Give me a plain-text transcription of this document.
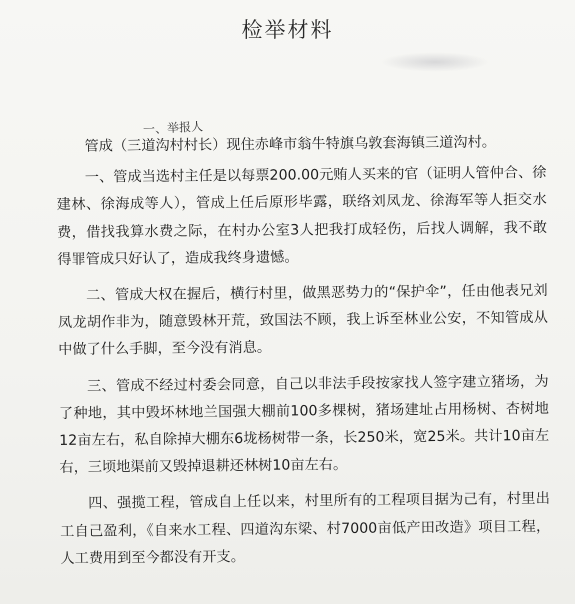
检举材料
一、举报人

管成（三道沟村村长）现住赤峰市翁牛特旗乌敦套海镇三道沟村。

一、管成当选村主任是以每票200.00元贿人买来的官（证明人管仲合、徐建林、徐海成等人），管成上任后原形毕露，联络刘凤龙、徐海军等人拒交水费，借找我算水费之际，在村办公室3人把我打成轻伤，后找人调解，我不敢得罪管成只好认了，造成我终身遗憾。

二、管成大权在握后，横行村里，做黑恶势力的“保护伞”，任由他表兄刘凤龙胡作非为，随意毁林开荒，致国法不顾，我上诉至林业公安，不知管成从中做了什么手脚，至今没有消息。

三、管成不经过村委会同意，自己以非法手段按家找人签字建立猪场，为了种地，其中毁坏林地兰国强大棚前100多棵树，猪场建址占用杨树、杏树地12亩左右，私自除掉大棚东6垅杨树带一条，长250米，宽25米。共计10亩左右，三顷地渠前又毁掉退耕还林树10亩左右。

四、强揽工程，管成自上任以来，村里所有的工程项目据为己有，村里出工自己盈利，《自来水工程、四道沟东梁、村7000亩低产田改造》项目工程，人工费用到至今都没有开支。
